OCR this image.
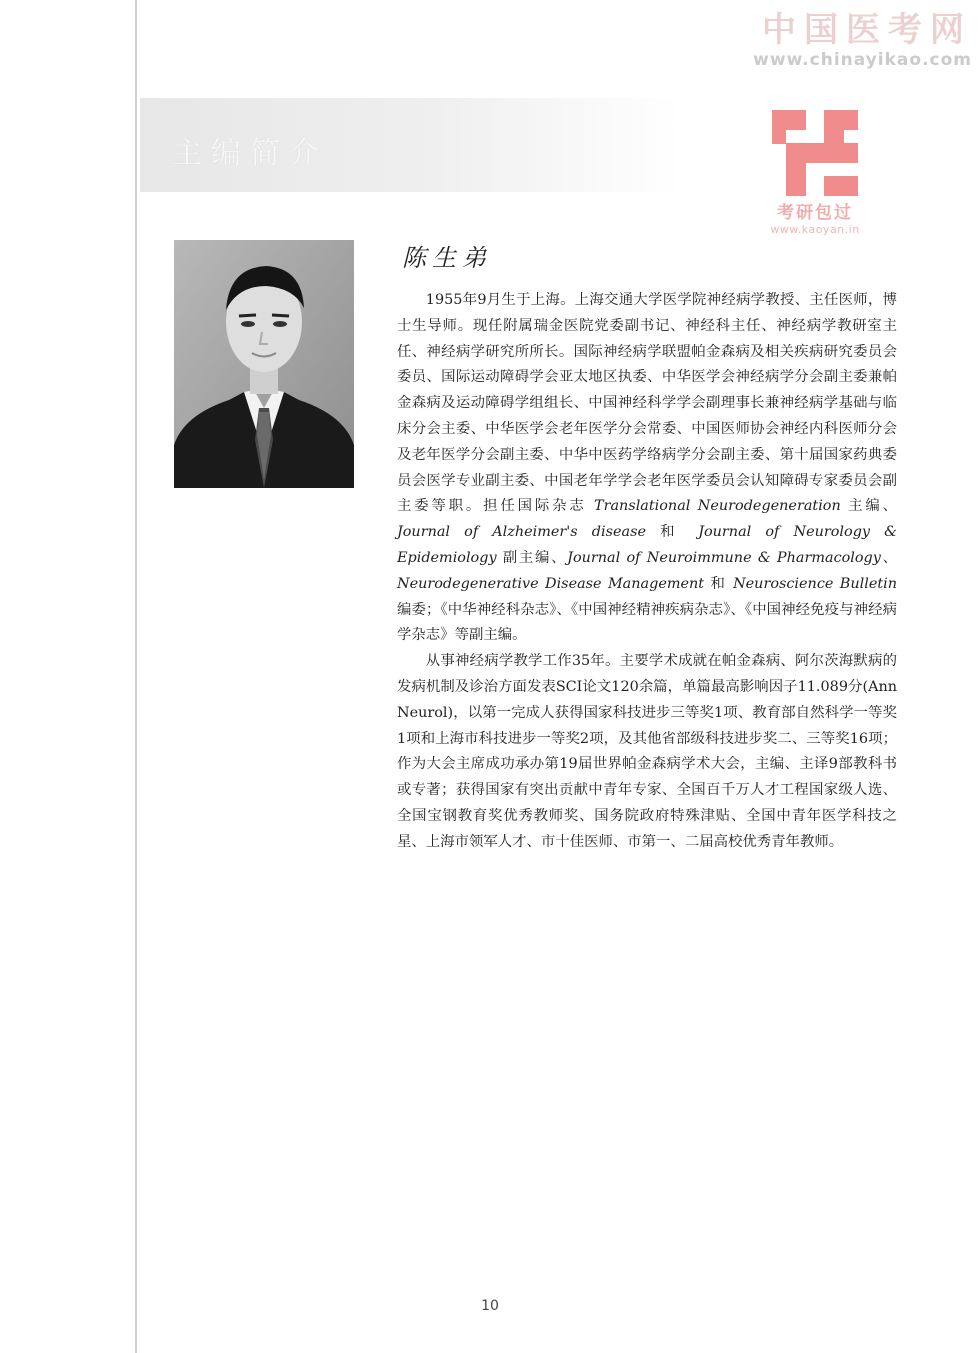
主编简介
中国医考网
www.chinayikao.com
考研包过
www.kaoyan.in
陈生弟

1955年9月生于上海。上海交通大学医学院神经病学教授、主任医师，博士生导师。现任附属瑞金医院党委副书记、神经科主任、神经病学教研室主任、神经病学研究所所长。国际神经病学联盟帕金森病及相关疾病研究委员会委员、国际运动障碍学会亚太地区执委、中华医学会神经病学分会副主委兼帕金森病及运动障碍学组组长、中国神经科学学会副理事长兼神经病学基础与临床分会主委、中华医学会老年医学分会常委、中国医师协会神经内科医师分会及老年医学分会副主委、中华中医药学络病学分会副主委、第十届国家药典委员会医学专业副主委、中国老年学学会老年医学委员会认知障碍专家委员会副主委等职。担任国际杂志 Translational Neurodegeneration 主编、Journal of Alzheimer's disease 和 Journal of Neurology & Epidemiology 副主编、Journal of Neuroimmune & Pharmacology、Neurodegenerative Disease Management 和 Neuroscience Bulletin 编委；《中华神经科杂志》、《中国神经精神疾病杂志》、《中国神经免疫与神经病学杂志》等副主编。

从事神经病学教学工作35年。主要学术成就在帕金森病、阿尔茨海默病的发病机制及诊治方面发表SCI论文120余篇，单篇最高影响因子11.089分(Ann Neurol)，以第一完成人获得国家科技进步三等奖1项、教育部自然科学一等奖1项和上海市科技进步一等奖2项，及其他省部级科技进步奖二、三等奖16项；作为大会主席成功承办第19届世界帕金森病学术大会，主编、主译9部教科书或专著；获得国家有突出贡献中青年专家、全国百千万人才工程国家级人选、全国宝钢教育奖优秀教师奖、国务院政府特殊津贴、全国中青年医学科技之星、上海市领军人才、市十佳医师、市第一、二届高校优秀青年教师。

10
